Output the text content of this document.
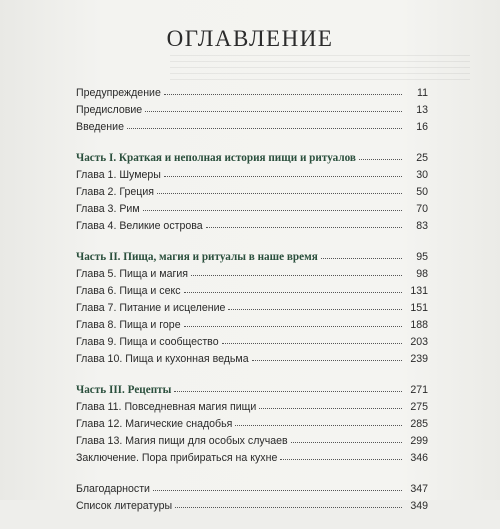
ОГЛАВЛЕНИЕ
Предупреждение	11
Предисловие	13
Введение	16
Часть I. Краткая и неполная история пищи и ритуалов	25
Глава 1. Шумеры	30
Глава 2. Греция	50
Глава 3. Рим	70
Глава 4. Великие острова	83
Часть II. Пища, магия и ритуалы в наше время	95
Глава 5. Пища и магия	98
Глава 6. Пища и секс	131
Глава 7. Питание и исцеление	151
Глава 8. Пища и горе	188
Глава 9. Пища и сообщество	203
Глава 10. Пища и кухонная ведьма	239
Часть III. Рецепты	271
Глава 11. Повседневная магия пищи	275
Глава 12. Магические снадобья	285
Глава 13. Магия пищи для особых случаев	299
Заключение. Пора прибираться на кухне	346
Благодарности	347
Список литературы	349
